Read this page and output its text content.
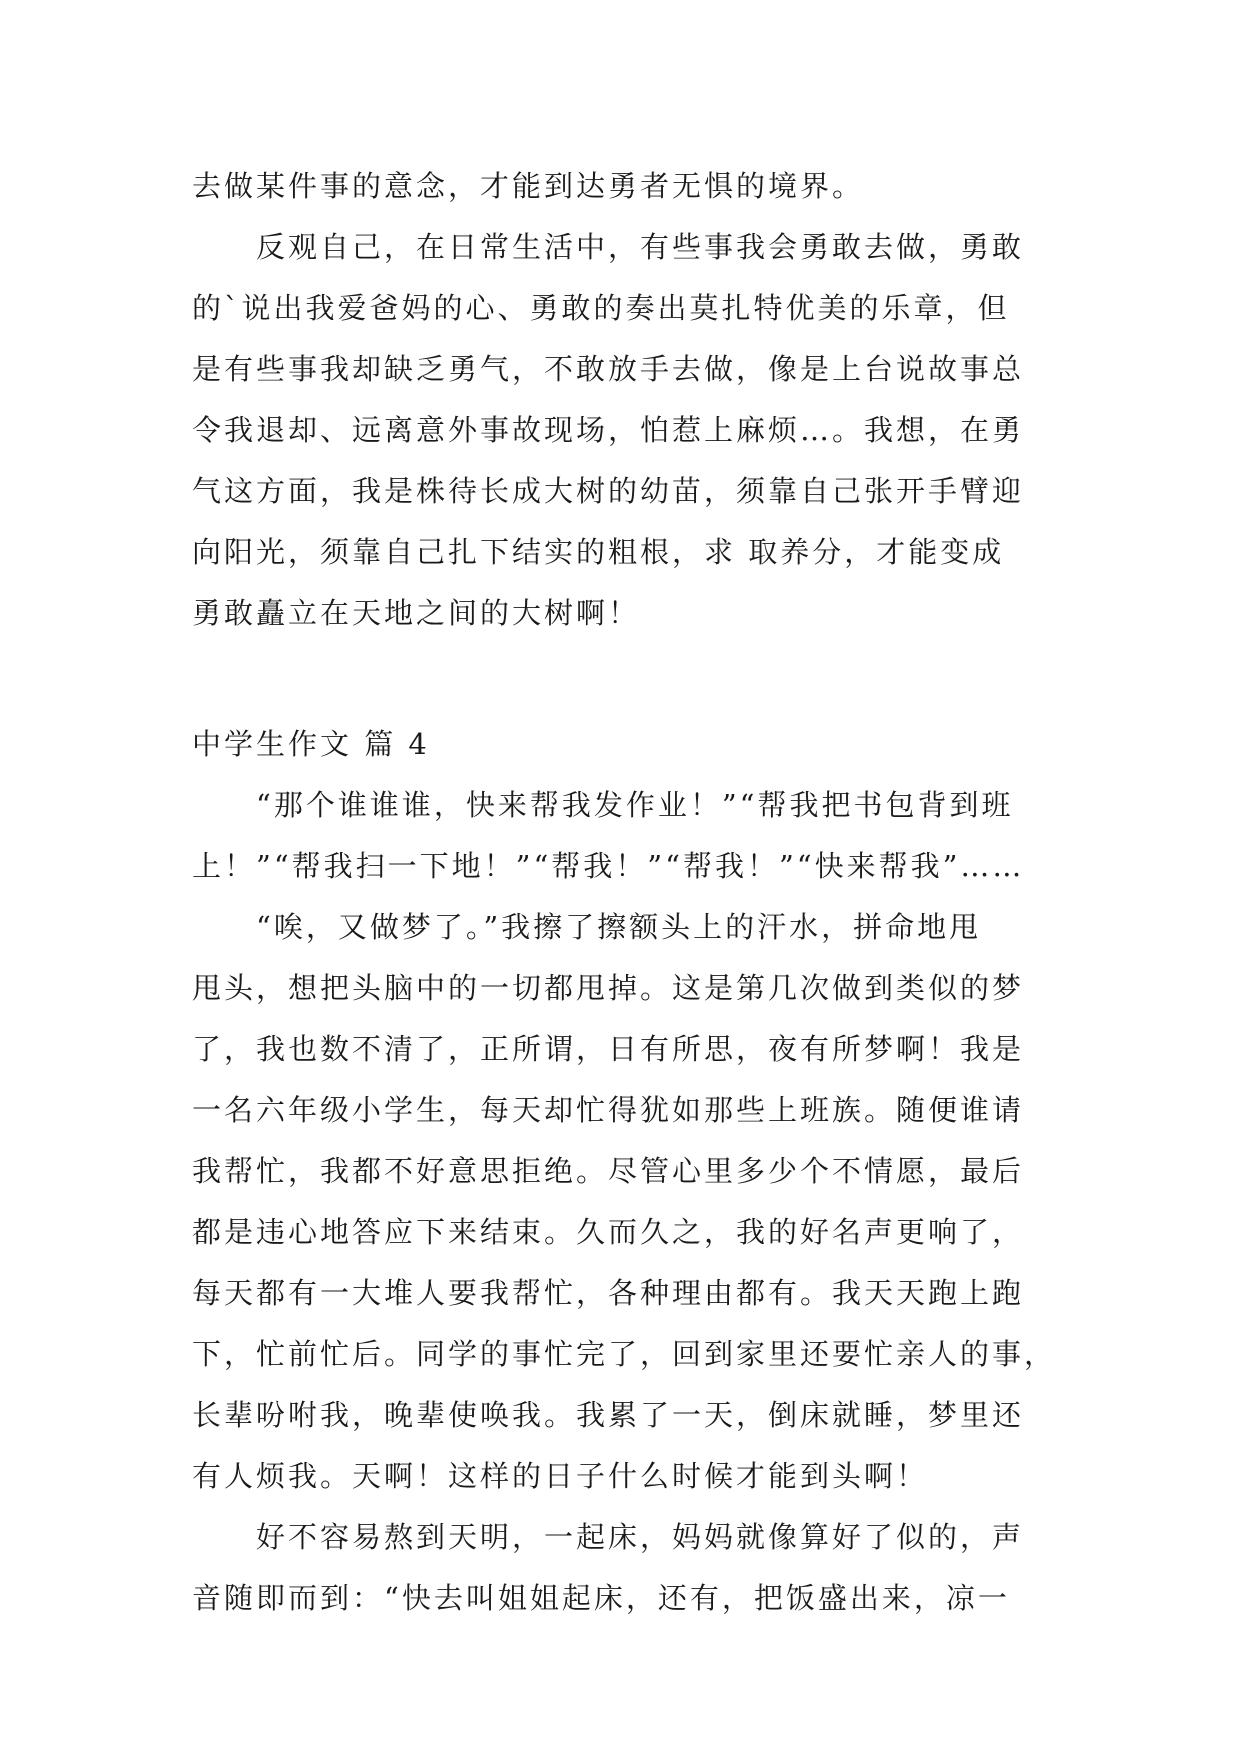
去做某件事的意念，才能到达勇者无惧的境界。
反观自己，在日常生活中，有些事我会勇敢去做，勇敢
的`说出我爱爸妈的心、勇敢的奏出莫扎特优美的乐章，但
是有些事我却缺乏勇气，不敢放手去做，像是上台说故事总
令我退却、远离意外事故现场，怕惹上麻烦…。我想，在勇
气这方面，我是株待长成大树的幼苗，须靠自己张开手臂迎
向阳光，须靠自己扎下结实的粗根，求 取养分，才能变成
勇敢矗立在天地之间的大树啊！
中学生作文 篇 4
“那个谁谁谁，快来帮我发作业！”“帮我把书包背到班
上！”“帮我扫一下地！”“帮我！”“帮我！”“快来帮我”……
“唉，又做梦了。”我擦了擦额头上的汗水，拼命地甩
甩头，想把头脑中的一切都甩掉。这是第几次做到类似的梦
了，我也数不清了，正所谓，日有所思，夜有所梦啊！我是
一名六年级小学生，每天却忙得犹如那些上班族。随便谁请
我帮忙，我都不好意思拒绝。尽管心里多少个不情愿，最后
都是违心地答应下来结束。久而久之，我的好名声更响了，
每天都有一大堆人要我帮忙，各种理由都有。我天天跑上跑
下，忙前忙后。同学的事忙完了，回到家里还要忙亲人的事，
长辈吩咐我，晚辈使唤我。我累了一天，倒床就睡，梦里还
有人烦我。天啊！这样的日子什么时候才能到头啊！
好不容易熬到天明，一起床，妈妈就像算好了似的，声
音随即而到：“快去叫姐姐起床，还有，把饭盛出来，凉一
